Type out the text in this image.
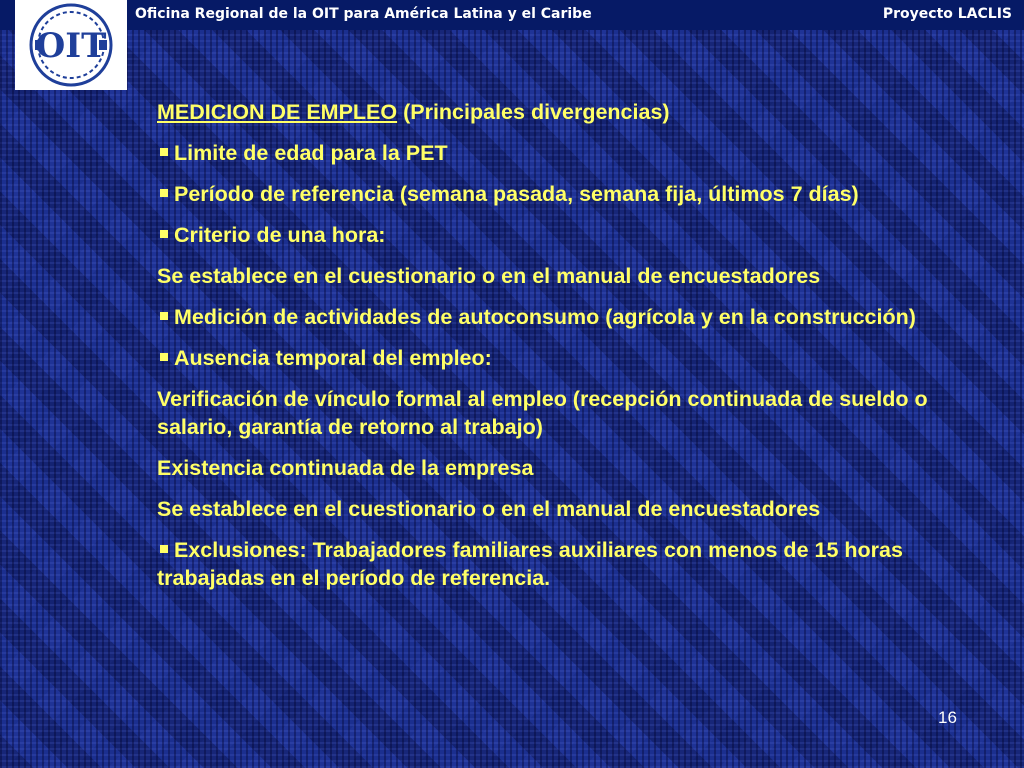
Oficina Regional de la OIT para América Latina y el Caribe	Proyecto LACLIS
OIT

MEDICION DE EMPLEO (Principales divergencias)

Limite de edad para la PET

Período de referencia (semana pasada, semana fija, últimos 7 días)

Criterio de una hora:

Se establece en el cuestionario o en el manual de encuestadores

Medición de actividades de autoconsumo (agrícola y en la construcción)

Ausencia temporal del empleo:

Verificación de vínculo formal al empleo (recepción continuada de sueldo o salario, garantía de retorno al trabajo)

Existencia continuada de la empresa

Se establece en el cuestionario o en el manual de encuestadores

Exclusiones: Trabajadores familiares auxiliares con menos de 15 horas trabajadas en el período de referencia.

16
